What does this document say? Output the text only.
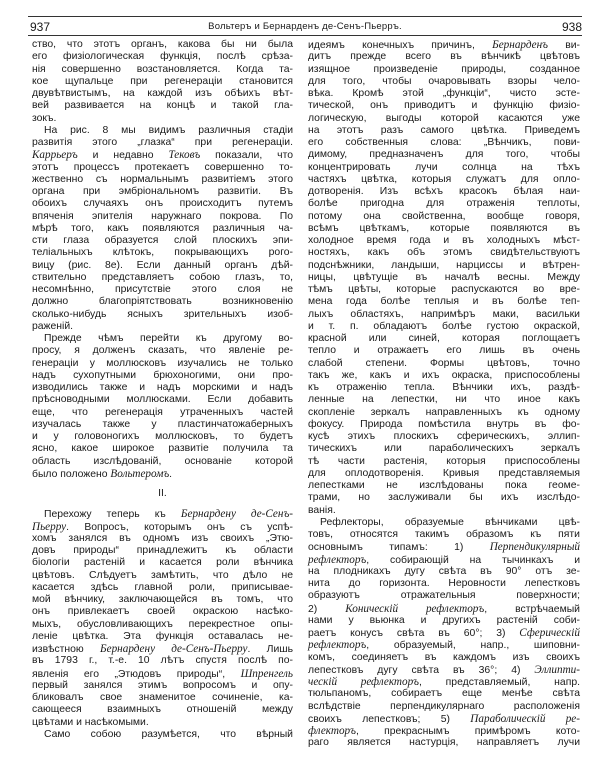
937	Вольтеръ и Бернарденъ де-Сенъ-Пьерръ.	938
ство, что этотъ органъ, какова бы ни была
его физіологическая функція, послѣ срѣза-
нія совершенно возстановляется. Когда та-
кое щупальце при регенераціи становится
двувѣтвистымъ, на каждой изъ обѣихъ вѣт-
вей развивается на концѣ и такой гла-
зокъ.
На рис. 8 мы видимъ различныя стадіи
развитія этого „глазка“ при регенераціи.
Каррьеръ и недавно Тековъ показали, что
этотъ процессъ протекаетъ совершенно то-
жественно съ нормальнымъ развитіемъ этого
органа при эмбріональномъ развитіи. Въ
обоихъ случаяхъ онъ происходитъ путемъ
впяченія эпителія наружнаго покрова. По
мѣрѣ того, какъ появляются различныя ча-
сти глаза образуется слой плоскихъ эпи-
теліальныхъ клѣтокъ, покрывающихъ рого-
вицу (рис. 8е). Если данный органъ дѣй-
ствительно представляетъ собою глазъ, то,
несомнѣнно, присутствіе этого слоя не
должно благопріятствовать возникновенію
сколько-нибудь ясныхъ зрительныхъ изоб-
раженій.
Прежде чѣмъ перейти къ другому во-
просу, я долженъ сказать, что явленіе ре-
генераціи у моллюсковъ изучались не только
надъ сухопутными брюхоногими, они про-
изводились также и надъ морскими и надъ
прѣсноводными моллюсками. Если добавить
еще, что регенерація утраченныхъ частей
изучалась также у пластинчатожаберныхъ
и у головоногихъ моллюсковъ, то будетъ
ясно, какое широкое развитіе получила та
область изслѣдованій, основаніе которой
было положено Вольтеромъ.
II.
Перехожу теперь къ Бернардену де-Сенъ-
Пьерру. Вопросъ, которымъ онъ съ успѣ-
хомъ занялся въ одномъ изъ своихъ „Этю-
довъ природы“ принадлежитъ къ области
біологіи растеній и касается роли вѣнчика
цвѣтовъ. Слѣдуетъ замѣтить, что дѣло не
касается здѣсь главной роли, приписывае-
мой вѣнчику, заключающейся въ томъ, что
онъ привлекаетъ своей окраскою насѣко-
мыхъ, обусловливающихъ перекрестное опы-
леніе цвѣтка. Эта функція оставалась не-
извѣстною Бернардену де-Сенъ-Пьерру. Лишь
въ 1793 г., т.-е. 10 лѣтъ спустя послѣ по-
явленія его „Этюдовъ природы“, Шпренгель
первый занялся этимъ вопросомъ и опу-
бликовалъ свое знаменитое сочиненіе, ка-
сающееся взаимныхъ отношеній между
цвѣтами и насѣкомыми.
Само собою разумѣется, что вѣрный
идеямъ конечныхъ причинъ, Бернарденъ ви-
дитъ прежде всего въ вѣнчикѣ цвѣтовъ
изящное произведеніе природы, созданное
для того, чтобы очаровывать взоры чело-
вѣка. Кромѣ этой „функціи“, чисто эсте-
тической, онъ приводитъ и функцію физіо-
логическую, выгоды которой касаются уже
на этотъ разъ самого цвѣтка. Приведемъ
его собственныя слова: „Вѣнчикъ, пови-
димому, предназначенъ для того, чтобы
концентрировать лучи солнца на тѣхъ
частяхъ цвѣтка, которыя служатъ для опло-
дотворенія. Изъ всѣхъ красокъ бѣлая наи-
болѣе пригодна для отраженія теплоты,
потому она свойственна, вообще говоря,
всѣмъ цвѣткамъ, которые появляются въ
холодное время года и въ холодныхъ мѣст-
ностяхъ, какъ объ этомъ свидѣтельствуютъ
подснѣжники, ландыши, нарциссы и вѣтрен-
ницы, цвѣтущіе въ началѣ весны. Между
тѣмъ цвѣты, которые распускаются во вре-
мена года болѣе теплыя и въ болѣе теп-
лыхъ областяхъ, напримѣръ маки, васильки
и т. п. обладаютъ болѣе густою окраской,
красной или синей, которая поглощаетъ
тепло и отражаетъ его лишь въ очень
слабой степени. Формы цвѣтовъ, точно
такъ же, какъ и ихъ окраска, приспособлены
къ отраженію тепла. Вѣнчики ихъ, раздѣ-
ленные на лепестки, ни что иное какъ
скопленіе зеркалъ направленныхъ къ одному
фокусу. Природа помѣстила внутрь въ фо-
кусѣ этихъ плоскихъ сферическихъ, эллип-
тическихъ или параболическихъ зеркалъ
тѣ части растенія, которыя приспособлены
для оплодотворенія. Кривыя представляемыя
лепестками не изслѣдованы пока геоме-
трами, но заслуживали бы ихъ изслѣдо-
ванія.
Рефлекторы, образуемые вѣнчиками цвѣ-
товъ, относятся такимъ образомъ къ пяти
основнымъ типамъ: 1) Перпендикулярный
рефлекторъ, собирающій на тычинкахъ и
на плодникахъ дугу свѣта въ 90° отъ зе-
нита до горизонта. Неровности лепестковъ
образуютъ отражательныя поверхности;
2) Коническій рефлекторъ, встрѣчаемый
нами у вьюнка и другихъ растеній соби-
раетъ конусъ свѣта въ 60°; 3) Сферическій
рефлекторъ, образуемый, напр., шиповни-
комъ, соединяетъ въ каждомъ изъ своихъ
лепестковъ дугу свѣта въ 36°; 4) Эллипти-
ческій рефлекторъ, представляемый, напр.
тюльпаномъ, собираетъ еще менѣе свѣта
вслѣдствіе перпендикулярнаго расположенія
своихъ лепестковъ; 5) Параболическій ре-
флекторъ, прекраснымъ примѣромъ кото-
раго является настурція, направляетъ лучи
